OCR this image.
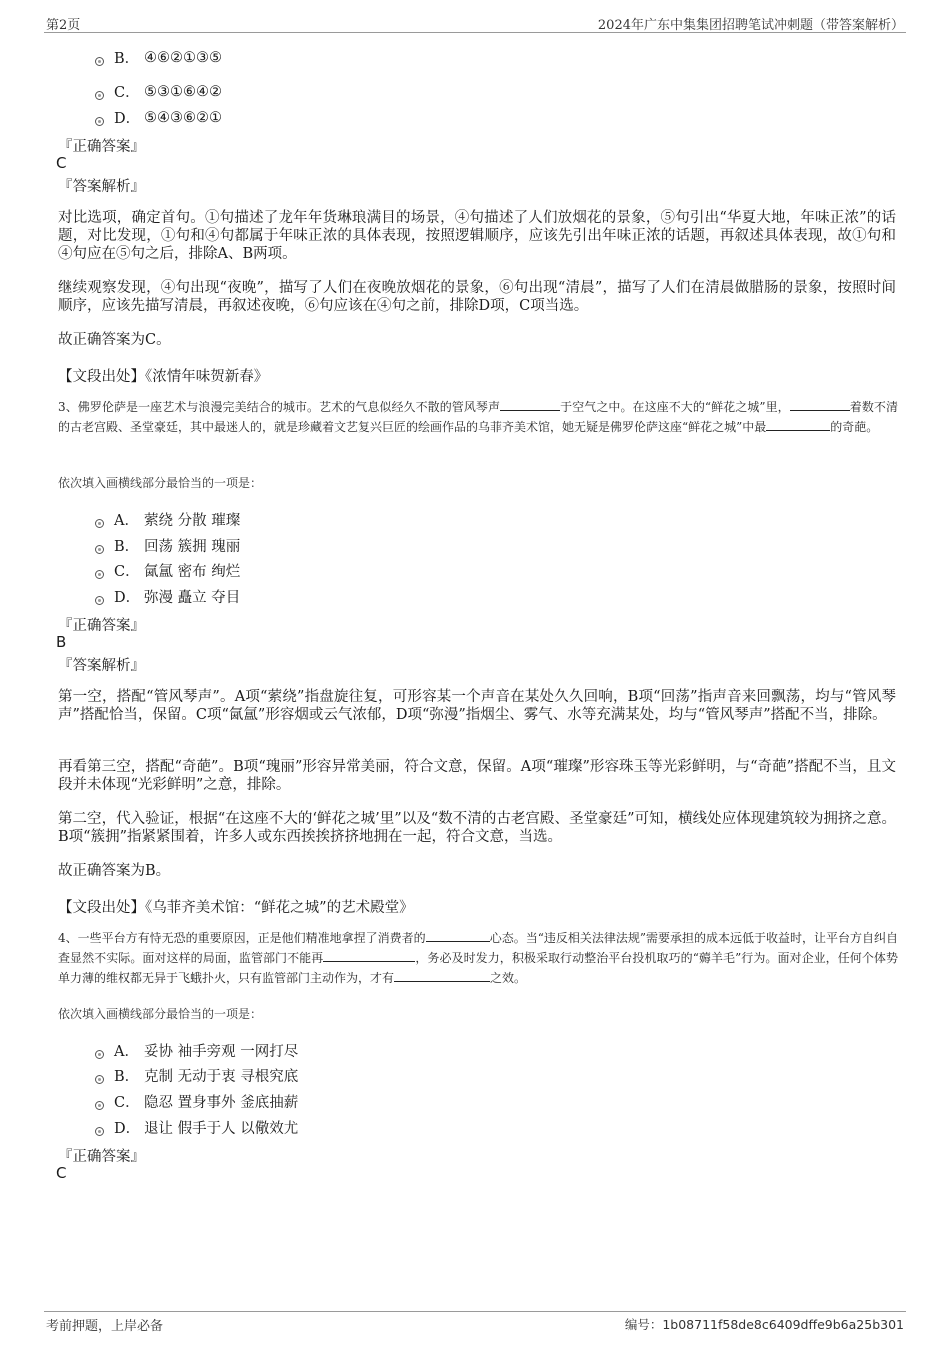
第2页	2024年广东中集集团招聘笔试冲刺题（带答案解析）
B． ④⑥②①③⑤
C． ⑤③①⑥④②
D． ⑤④③⑥②①
『正确答案』
C
『答案解析』
对比选项，确定首句。①句描述了龙年年货琳琅满目的场景，④句描述了人们放烟花的景象，⑤句引出“华夏大地，年味正浓”的话题，对比发现，①句和④句都属于年味正浓的具体表现，按照逻辑顺序，应该先引出年味正浓的话题，再叙述具体表现，故①句和④句应在⑤句之后，排除A、B两项。
继续观察发现，④句出现“夜晚”，描写了人们在夜晚放烟花的景象，⑥句出现“清晨”，描写了人们在清晨做腊肠的景象，按照时间顺序，应该先描写清晨，再叙述夜晚，⑥句应该在④句之前，排除D项，C项当选。
故正确答案为C。
【文段出处】《浓情年味贺新春》
3、佛罗伦萨是一座艺术与浪漫完美结合的城市。艺术的气息似经久不散的管风琴声	于空气之中。在这座不大的“鲜花之城”里，	着数不清的古老宫殿、圣堂豪廷，其中最迷人的，就是珍藏着文艺复兴巨匠的绘画作品的乌菲齐美术馆，她无疑是佛罗伦萨这座“鲜花之城”中最	的奇葩。
依次填入画横线部分最恰当的一项是：
A． 萦绕 分散 璀璨
B． 回荡 簇拥 瑰丽
C． 氤氲 密布 绚烂
D． 弥漫 矗立 夺目
『正确答案』
B
『答案解析』
第一空，搭配“管风琴声”。A项“萦绕”指盘旋往复，可形容某一个声音在某处久久回响，B项“回荡”指声音来回飘荡，均与“管风琴声”搭配恰当，保留。C项“氤氲”形容烟或云气浓郁，D项“弥漫”指烟尘、雾气、水等充满某处，均与“管风琴声”搭配不当，排除。
再看第三空，搭配“奇葩”。B项“瑰丽”形容异常美丽，符合文意，保留。A项“璀璨”形容珠玉等光彩鲜明，与“奇葩”搭配不当，且文段并未体现“光彩鲜明”之意，排除。
第二空，代入验证，根据“在这座不大的‘鲜花之城’里”以及“数不清的古老宫殿、圣堂豪廷”可知，横线处应体现建筑较为拥挤之意。B项“簇拥”指紧紧围着，许多人或东西挨挨挤挤地拥在一起，符合文意，当选。
故正确答案为B。
【文段出处】《乌菲齐美术馆：“鲜花之城”的艺术殿堂》
4、一些平台方有恃无恐的重要原因，正是他们精准地拿捏了消费者的	心态。当“违反相关法律法规”需要承担的成本远低于收益时，让平台方自纠自查显然不实际。面对这样的局面，监管部门不能再	，务必及时发力，积极采取行动整治平台投机取巧的“薅羊毛”行为。面对企业，任何个体势单力薄的维权都无异于飞蛾扑火，只有监管部门主动作为，才有	之效。
依次填入画横线部分最恰当的一项是：
A． 妥协 袖手旁观 一网打尽
B． 克制 无动于衷 寻根究底
C． 隐忍 置身事外 釜底抽薪
D． 退让 假手于人 以儆效尤
『正确答案』
C
考前押题，上岸必备	编号：1b08711f58de8c6409dffe9b6a25b301
